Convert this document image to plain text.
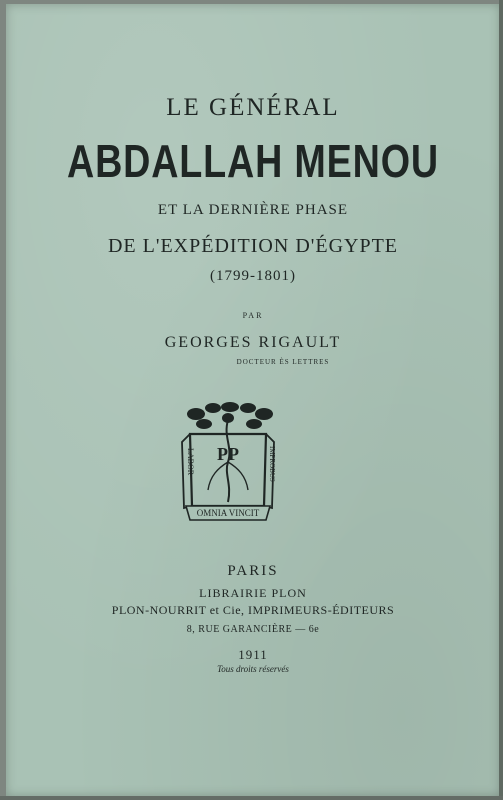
LE GÉNÉRAL
ABDALLAH MENOU
ET LA DERNIÈRE PHASE
DE L'EXPÉDITION D'ÉGYPTE
(1799-1801)
PAR
GEORGES RIGAULT
DOCTEUR ÈS LETTRES
PP
LABOR	IMPROBUS
OMNIA VINCIT
PARIS
LIBRAIRIE PLON
PLON-NOURRIT et Cie, IMPRIMEURS-ÉDITEURS
8, RUE GARANCIÈRE — 6e
1911
Tous droits réservés
